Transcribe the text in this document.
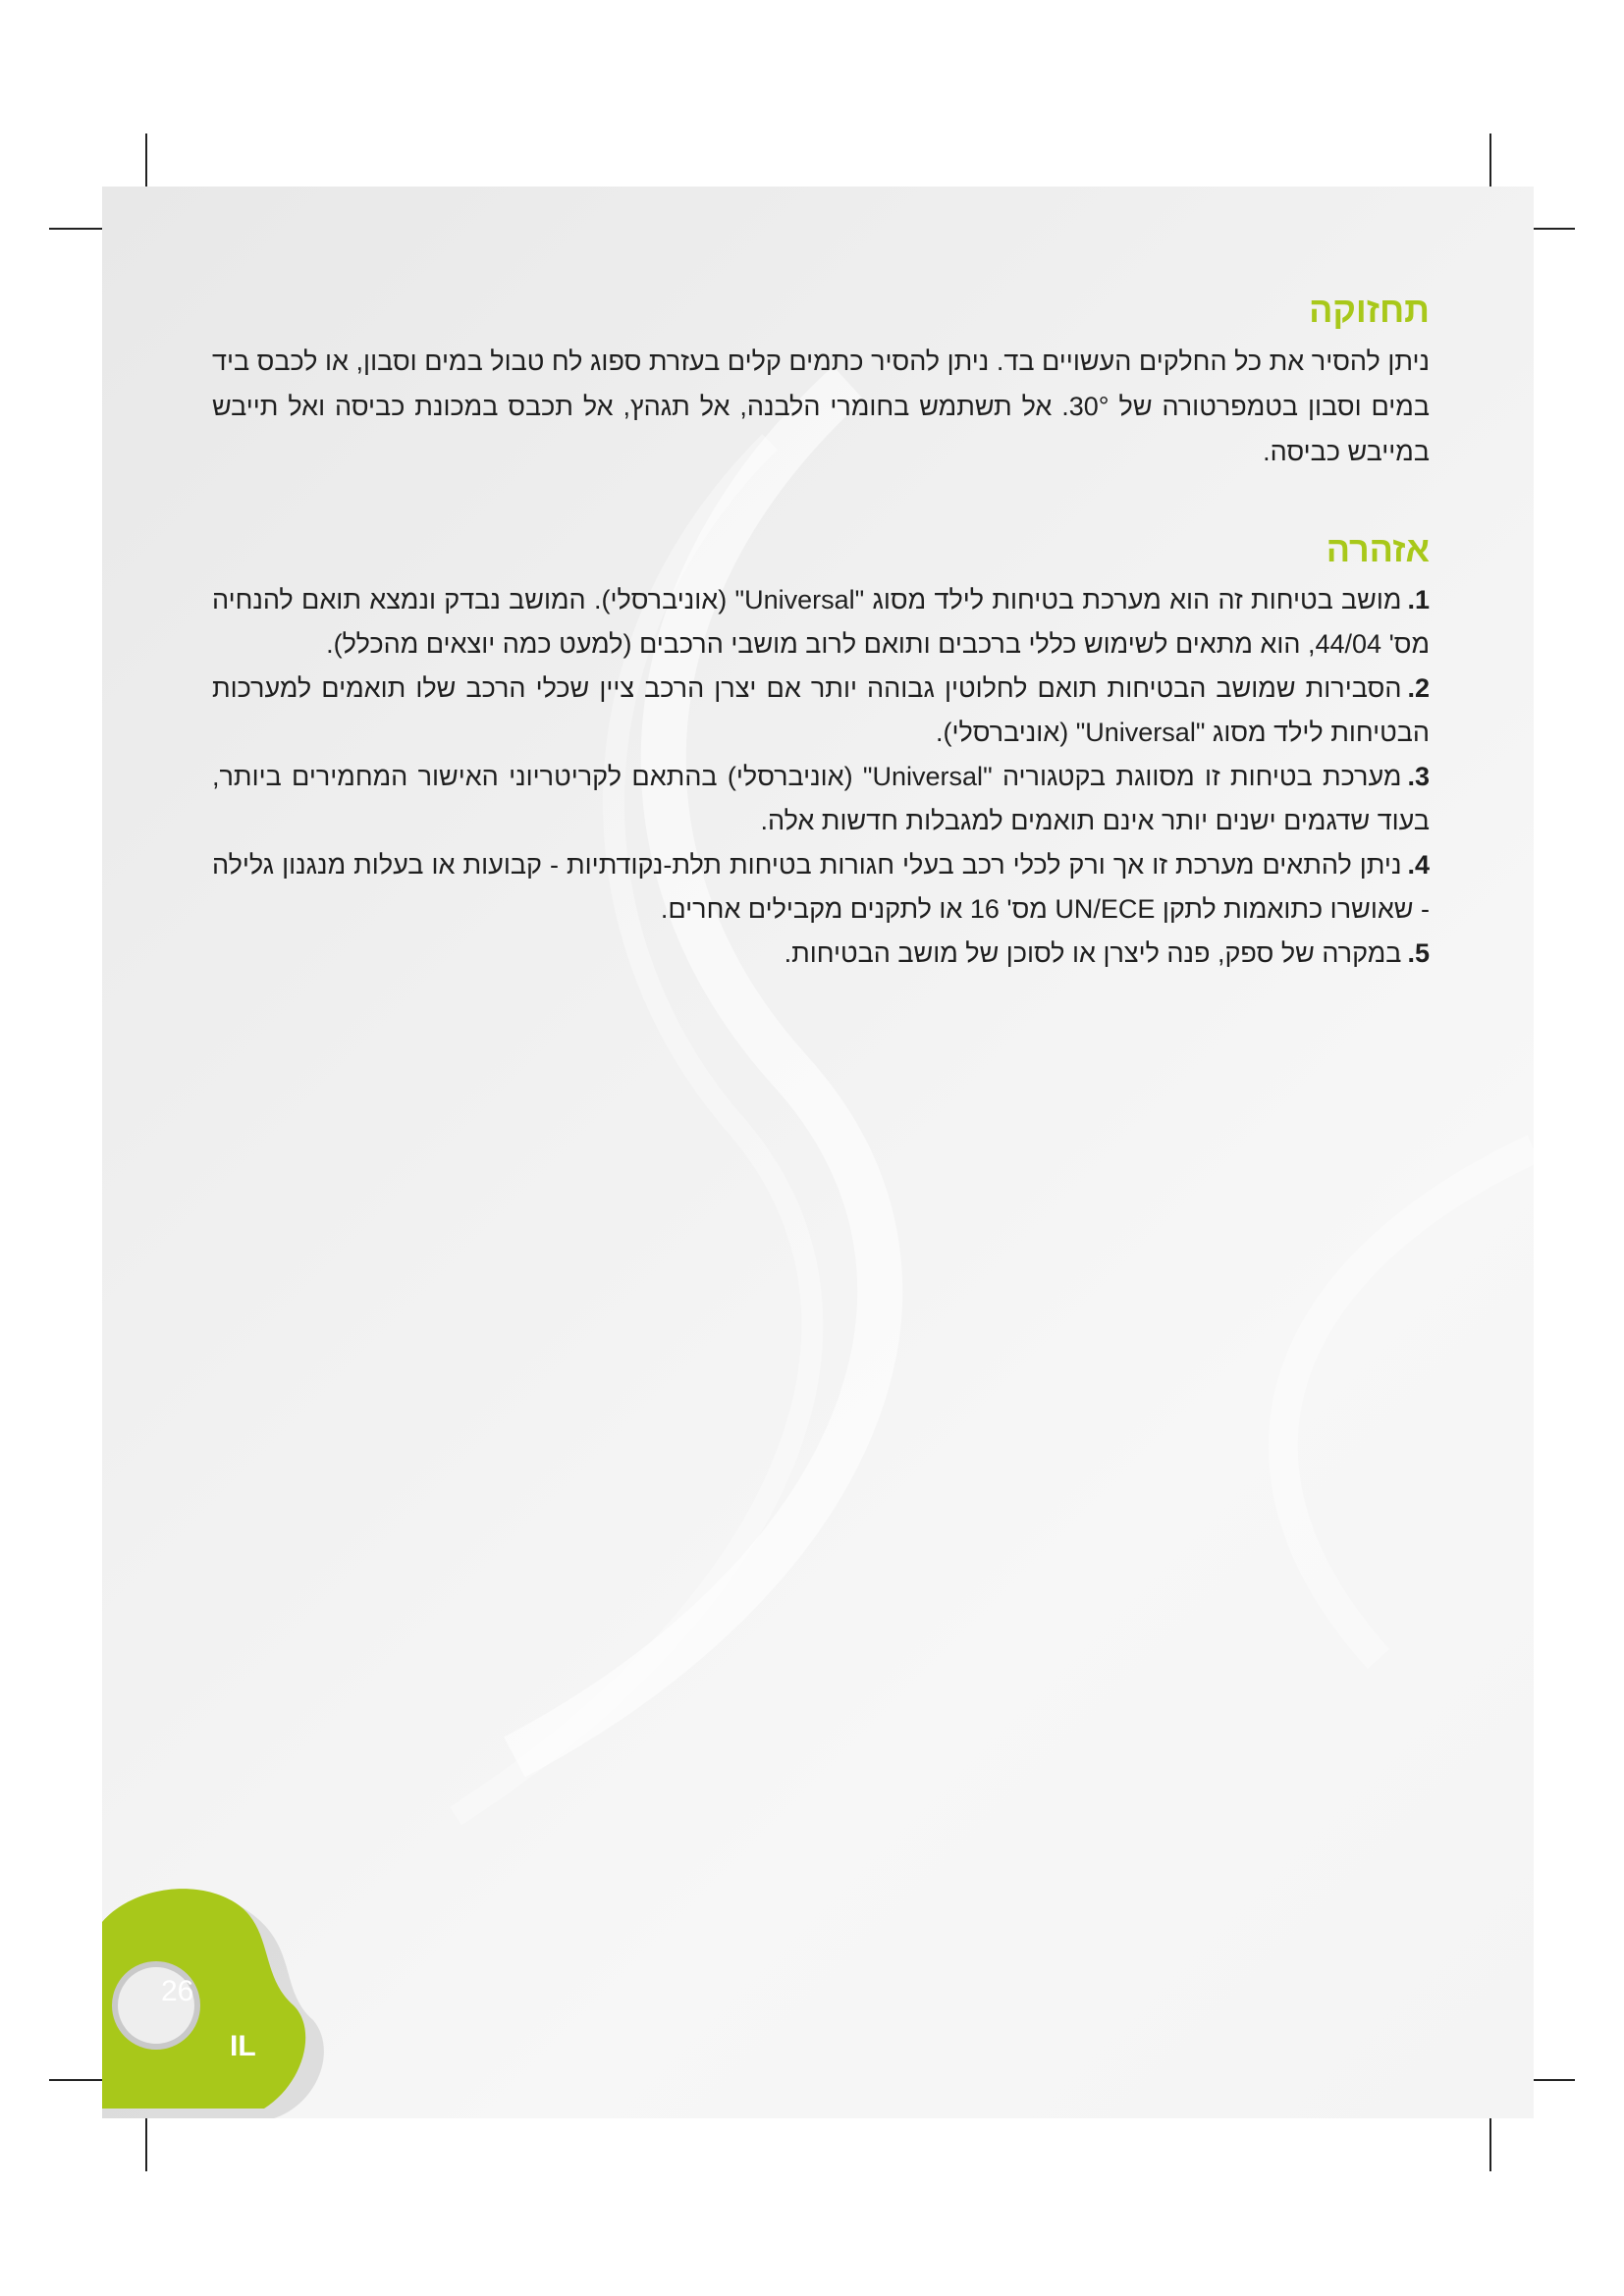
תחזוקה

ניתן להסיר את כל החלקים העשויים בד. ניתן להסיר כתמים קלים בעזרת ספוג לח טבול במים וסבון, או לכבס ביד במים וסבון בטמפרטורה של 30°. אל תשתמש בחומרי הלבנה, אל תגהץ, אל תכבס במכונת כביסה ואל תייבש במייבש כביסה.

אזהרה
1.מושב בטיחות זה הוא מערכת בטיחות לילד מסוג "Universal" (אוניברסלי). המושב נבדק ונמצא תואם להנחיה מס' 44/04, הוא מתאים לשימוש כללי ברכבים ותואם לרוב מושבי הרכבים (למעט כמה יוצאים מהכלל).
2.הסבירות שמושב הבטיחות תואם לחלוטין גבוהה יותר אם יצרן הרכב ציין שכלי הרכב שלו תואמים למערכות הבטיחות לילד מסוג "Universal" (אוניברסלי).
3.מערכת בטיחות זו מסווגת בקטגוריה "Universal" (אוניברסלי) בהתאם לקריטריוני האישור המחמירים ביותר, בעוד שדגמים ישנים יותר אינם תואמים למגבלות חדשות אלה.
4.ניתן להתאים מערכת זו אך ורק לכלי רכב בעלי חגורות בטיחות תלת-נקודתיות - קבועות או בעלות מנגנון גלילה - שאושרו כתואמות לתקן UN/ECE מס' 16 או לתקנים מקבילים אחרים.
5.במקרה של ספק, פנה ליצרן או לסוכן של מושב הבטיחות.
26
IL
